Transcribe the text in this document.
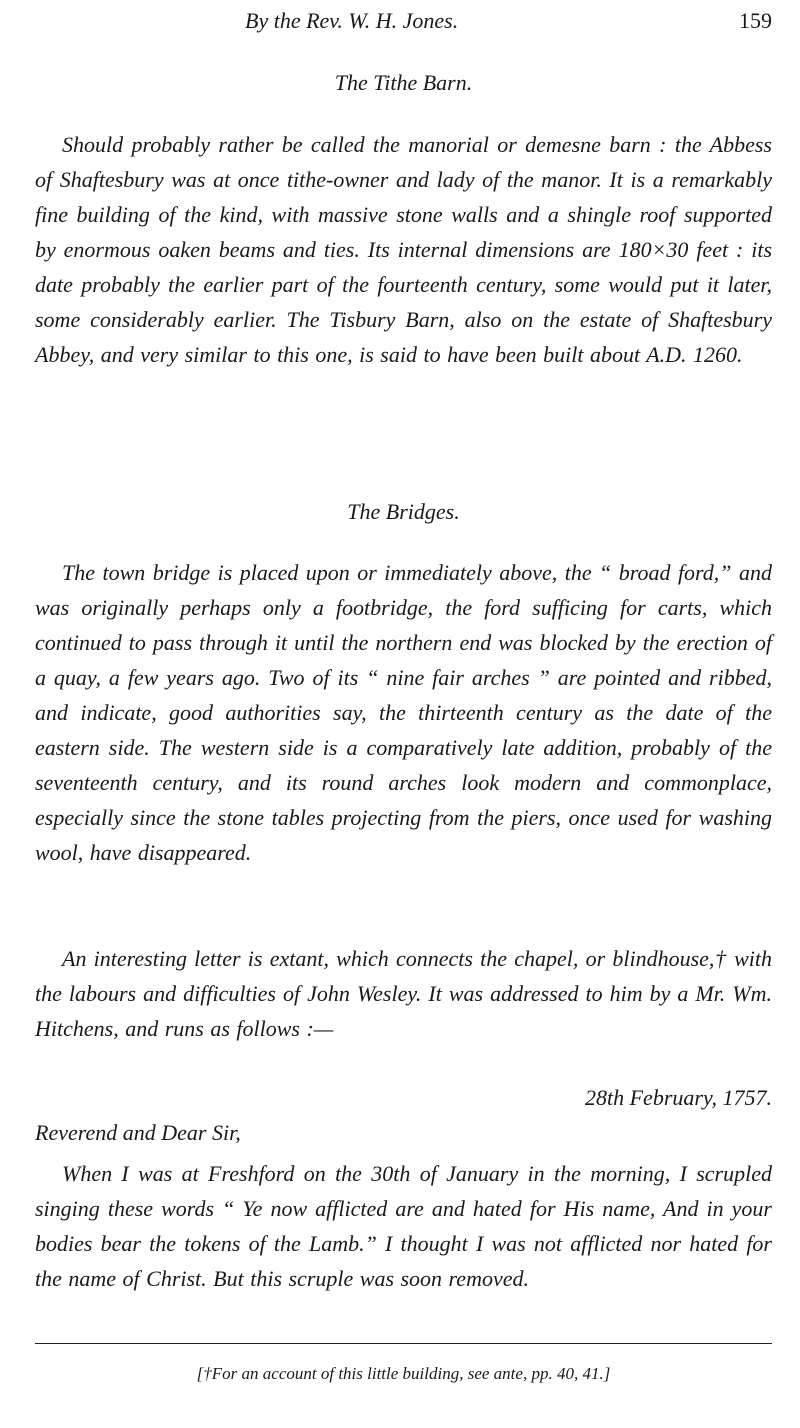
By the Rev. W. H. Jones.	159

The Tithe Barn.

Should probably rather be called the manorial or demesne barn : the Abbess of Shaftesbury was at once tithe-owner and lady of the manor. It is a remarkably fine building of the kind, with massive stone walls and a shingle roof supported by enormous oaken beams and ties. Its internal dimensions are 180×30 feet : its date probably the earlier part of the fourteenth century, some would put it later, some considerably earlier. The Tisbury Barn, also on the estate of Shaftesbury Abbey, and very similar to this one, is said to have been built about A.D. 1260.

The Bridges.

The town bridge is placed upon or immediately above, the “ broad ford,” and was originally perhaps only a footbridge, the ford sufficing for carts, which continued to pass through it until the northern end was blocked by the erection of a quay, a few years ago. Two of its “ nine fair arches ” are pointed and ribbed, and indicate, good authorities say, the thirteenth century as the date of the eastern side. The western side is a comparatively late addition, probably of the seventeenth century, and its round arches look modern and commonplace, especially since the stone tables projecting from the piers, once used for washing wool, have disappeared.

An interesting letter is extant, which connects the chapel, or blindhouse,† with the labours and difficulties of John Wesley. It was addressed to him by a Mr. Wm. Hitchens, and runs as follows :—

28th February, 1757.

Reverend and Dear Sir,

When I was at Freshford on the 30th of January in the morning, I scrupled singing these words “ Ye now afflicted are and hated for His name, And in your bodies bear the tokens of the Lamb.” I thought I was not afflicted nor hated for the name of Christ. But this scruple was soon removed.

[†For an account of this little building, see ante, pp. 40, 41.]
